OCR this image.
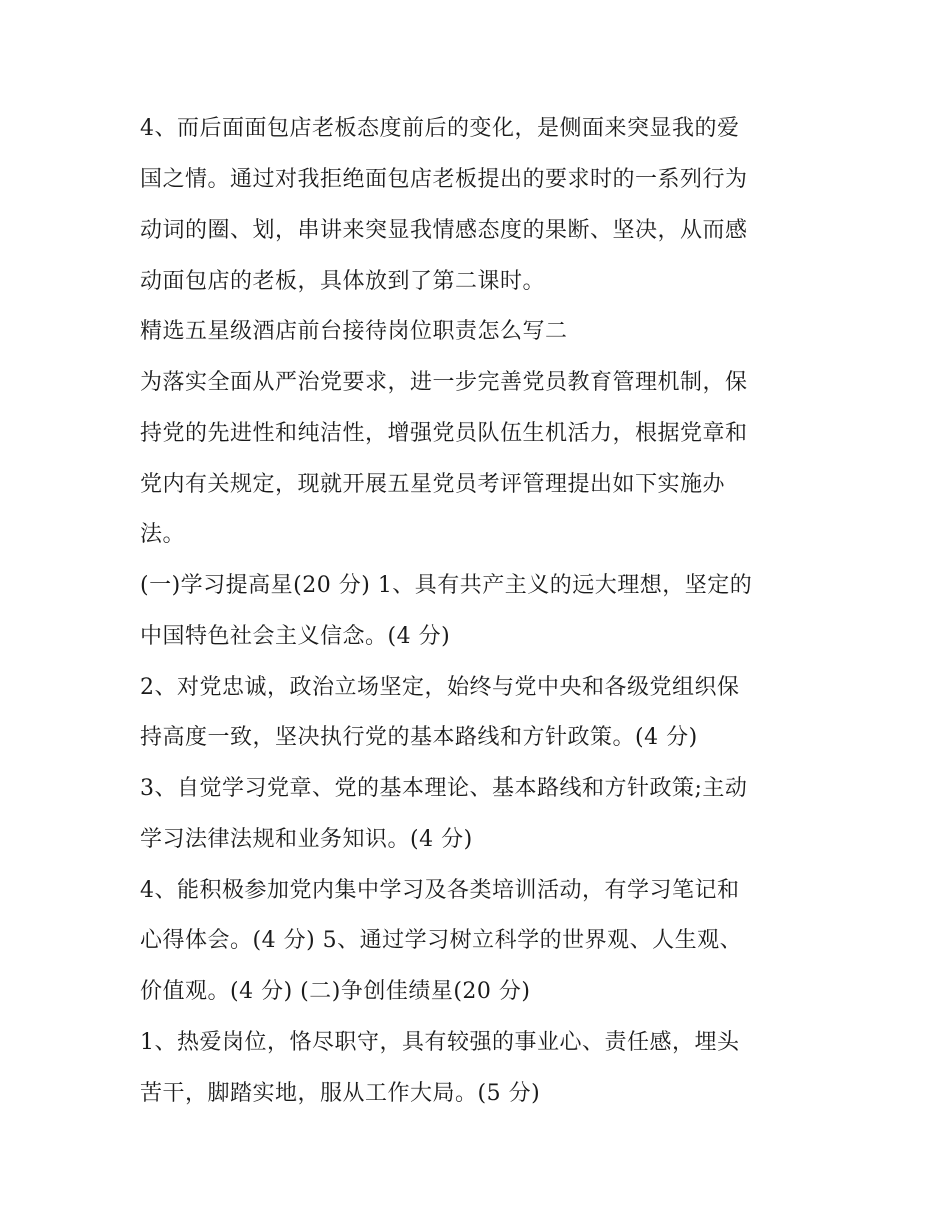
4、而后面面包店老板态度前后的变化，是侧面来突显我的爱
国之情。通过对我拒绝面包店老板提出的要求时的一系列行为
动词的圈、划，串讲来突显我情感态度的果断、坚决，从而感
动面包店的老板，具体放到了第二课时。
精选五星级酒店前台接待岗位职责怎么写二
为落实全面从严治党要求，进一步完善党员教育管理机制，保
持党的先进性和纯洁性，增强党员队伍生机活力，根据党章和
党内有关规定，现就开展五星党员考评管理提出如下实施办
法。
(一)学习提高星(20 分) 1、具有共产主义的远大理想，坚定的
中国特色社会主义信念。(4 分)
2、对党忠诚，政治立场坚定，始终与党中央和各级党组织保
持高度一致，坚决执行党的基本路线和方针政策。(4 分)
3、自觉学习党章、党的基本理论、基本路线和方针政策;主动
学习法律法规和业务知识。(4 分)
4、能积极参加党内集中学习及各类培训活动，有学习笔记和
心得体会。(4 分) 5、通过学习树立科学的世界观、人生观、
价值观。(4 分) (二)争创佳绩星(20 分)
1、热爱岗位，恪尽职守，具有较强的事业心、责任感，埋头
苦干，脚踏实地，服从工作大局。(5 分)
